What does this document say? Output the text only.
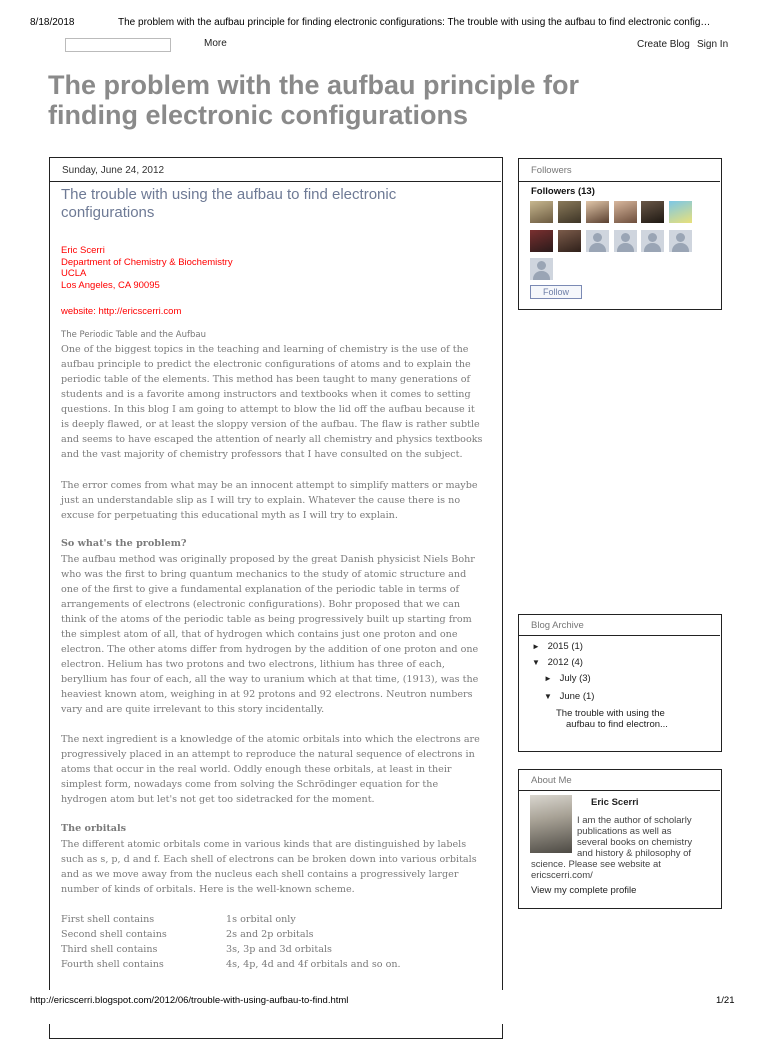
8/18/2018	The problem with the aufbau principle for finding electronic configurations: The trouble with using the aufbau to find electronic config…
More	Create Blog Sign In
The problem with the aufbau principle for finding electronic configurations
Sunday, June 24, 2012
The trouble with using the aufbau to find electronic configurations
Eric Scerri
Department of Chemistry & Biochemistry
UCLA
Los Angeles, CA 90095
website: http://ericscerri.com
The Periodic Table and the Aufbau
One of the biggest topics in the teaching and learning of chemistry is the use of the
aufbau principle to predict the electronic configurations of atoms and to explain the
periodic table of the elements. This method has been taught to many generations of
students and is a favorite among instructors and textbooks when it comes to setting
questions. In this blog I am going to attempt to blow the lid off the aufbau because it
is deeply flawed, or at least the sloppy version of the aufbau. The flaw is rather subtle
and seems to have escaped the attention of nearly all chemistry and physics textbooks
and the vast majority of chemistry professors that I have consulted on the subject.
The error comes from what may be an innocent attempt to simplify matters or maybe
just an understandable slip as I will try to explain. Whatever the cause there is no
excuse for perpetuating this educational myth as I will try to explain.
So what's the problem?
The aufbau method was originally proposed by the great Danish physicist Niels Bohr
who was the first to bring quantum mechanics to the study of atomic structure and
one of the first to give a fundamental explanation of the periodic table in terms of
arrangements of electrons (electronic configurations). Bohr proposed that we can
think of the atoms of the periodic table as being progressively built up starting from
the simplest atom of all, that of hydrogen which contains just one proton and one
electron. The other atoms differ from hydrogen by the addition of one proton and one
electron. Helium has two protons and two electrons, lithium has three of each,
beryllium has four of each, all the way to uranium which at that time, (1913), was the
heaviest known atom, weighing in at 92 protons and 92 electrons. Neutron numbers
vary and are quite irrelevant to this story incidentally.
The next ingredient is a knowledge of the atomic orbitals into which the electrons are
progressively placed in an attempt to reproduce the natural sequence of electrons in
atoms that occur in the real world. Oddly enough these orbitals, at least in their
simplest form, nowadays come from solving the Schrödinger equation for the
hydrogen atom but let's not get too sidetracked for the moment.
The orbitals
The different atomic orbitals come in various kinds that are distinguished by labels
such as s, p, d and f. Each shell of electrons can be broken down into various orbitals
and as we move away from the nucleus each shell contains a progressively larger
number of kinds of orbitals. Here is the well-known scheme.
First shell contains	1s orbital only
Second shell contains	2s and 2p orbitals
Third shell contains	3s, 3p and 3d orbitals
Fourth shell contains	4s, 4p, 4d and 4f orbitals and so on.
Followers
Followers (13)
Follow
Blog Archive
► 2015 (1)
▼ 2012 (4)
► July (3)
▼ June (1)
The trouble with using the
aufbau to find electron...
About Me
Eric Scerri
I am the author of scholarly
publications as well as
several books on chemistry
and history & philosophy of
science. Please see website at
ericscerri.com/
View my complete profile
http://ericscerri.blogspot.com/2012/06/trouble-with-using-aufbau-to-find.html	1/21
